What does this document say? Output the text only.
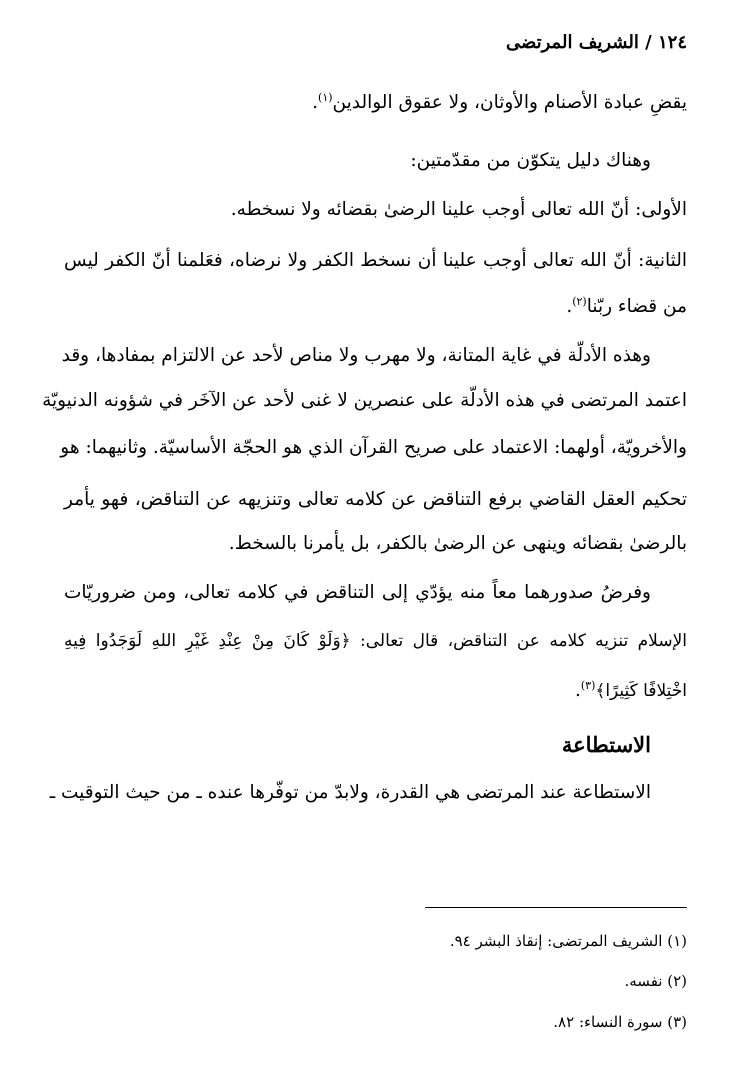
١٢٤ / الشريف المرتضى
يقضِ عبادة الأصنام والأوثان، ولا عقوق الوالدين$^{(١)}$.
وهناك دليل يتكوّن من مقدّمتين:
الأولى: أنّ الله تعالى أوجب علينا الرضىٰ بقضائه ولا نسخطه.
الثانية: أنّ الله تعالى أوجب علينا أن نسخط الكفر ولا نرضاه، فعَلمنا أنّ الكفر ليس
من قضاء ربّنا$^{(٢)}$.
وهذه الأدلّة في غاية المتانة، ولا مهرب ولا مناص لأحد عن الالتزام بمفادها، وقد
اعتمد المرتضى في هذه الأدلّة على عنصرين لا غنى لأحد عن الآخَر في شؤونه الدنيويّة
والأخرويّة، أولهما: الاعتماد على صريح القرآن الذي هو الحجّة الأساسيّة. وثانيهما: هو
تحكيم العقل القاضي برفع التناقض عن كلامه تعالى وتنزيهه عن التناقض، فهو يأمر
بالرضىٰ بقضائه وينهى عن الرضىٰ بالكفر، بل يأمرنا بالسخط.
وفرضُ صدورهما معاً منه يؤدّي إلى التناقض في كلامه تعالى، ومن ضروريّات
الإسلام تنزيه كلامه عن التناقض، قال تعالى: ﴿وَلَوْ كَانَ مِنْ عِنْدِ غَيْرِ اللهِ لَوَجَدُوا فِيهِ
اخْتِلافًا كَثِيرًا﴾$^{(٣)}$.
الاستطاعة
الاستطاعة عند المرتضى هي القدرة، ولابدّ من توفّرها عنده ـ من حيث التوقيت ـ
(١) الشريف المرتضى: إنقاذ البشر ٩٤.
(٢) نفسه.
(٣) سورة النساء: ٨٢.
